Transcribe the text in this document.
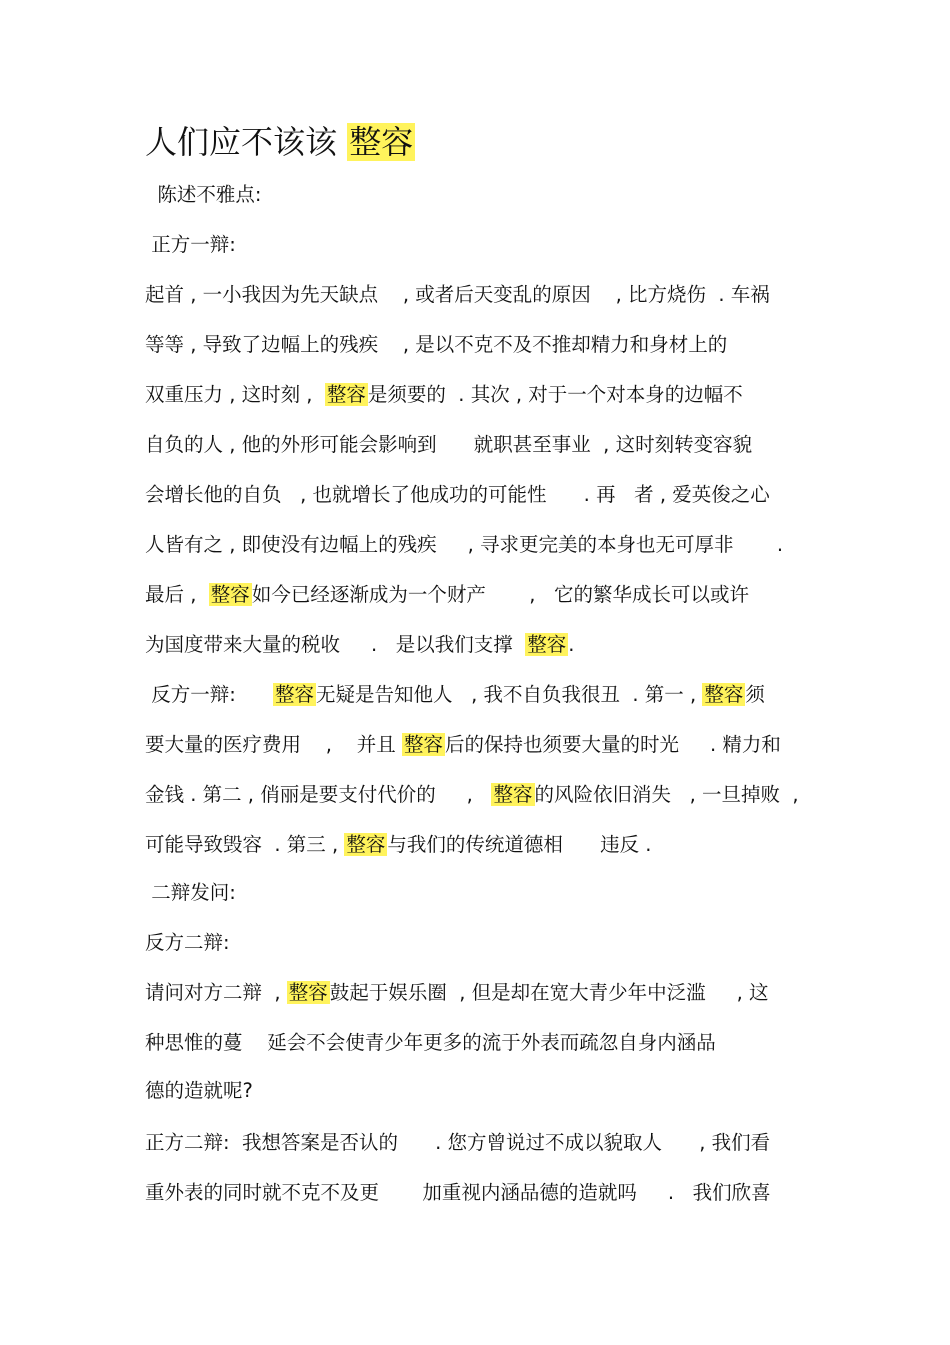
人们应不该该 整容
陈述不雅点:
正方一辩:
起首 , 一小我因为先天缺点    , 或者后天变乱的原因    , 比方烧伤  . 车祸
等等 , 导致了边幅上的残疾    , 是以不克不及不推却精力和身材上的
双重压力 , 这时刻 ,  整容 是须要的  . 其次 , 对于一个对本身的边幅不
自负的人 , 他的外形可能会影响到      就职甚至事业  , 这时刻转变容貌
会增长他的自负   , 也就增长了他成功的可能性      . 再   者 , 爱英俊之心
人皆有之 , 即使没有边幅上的残疾     , 寻求更完美的本身也无可厚非       .
最后 ,  整容 如今已经逐渐成为一个财产       ,   它的繁华成长可以或许
为国度带来大量的税收     .   是以我们支撑  整容 .
反方一辩:      整容 无疑是告知他人   , 我不自负我很丑  . 第一 , 整容 须
要大量的医疗费用    ,    并且 整容 后的保持也须要大量的时光     . 精力和
金钱 . 第二 , 俏丽是要支付代价的     ,   整容 的风险依旧消失   , 一旦掉败  ,
可能导致毁容  . 第三 , 整容 与我们的传统道德相      违反 .
二辩发问:
反方二辩:
请问对方二辩  , 整容 鼓起于娱乐圈  , 但是却在宽大青少年中泛滥     , 这
种思惟的蔓    延会不会使青少年更多的流于外表而疏忽自身内涵品
德的造就呢?
正方二辩:  我想答案是否认的      . 您方曾说过不成以貌取人      , 我们看
重外表的同时就不克不及更       加重视内涵品德的造就吗     .   我们欣喜
